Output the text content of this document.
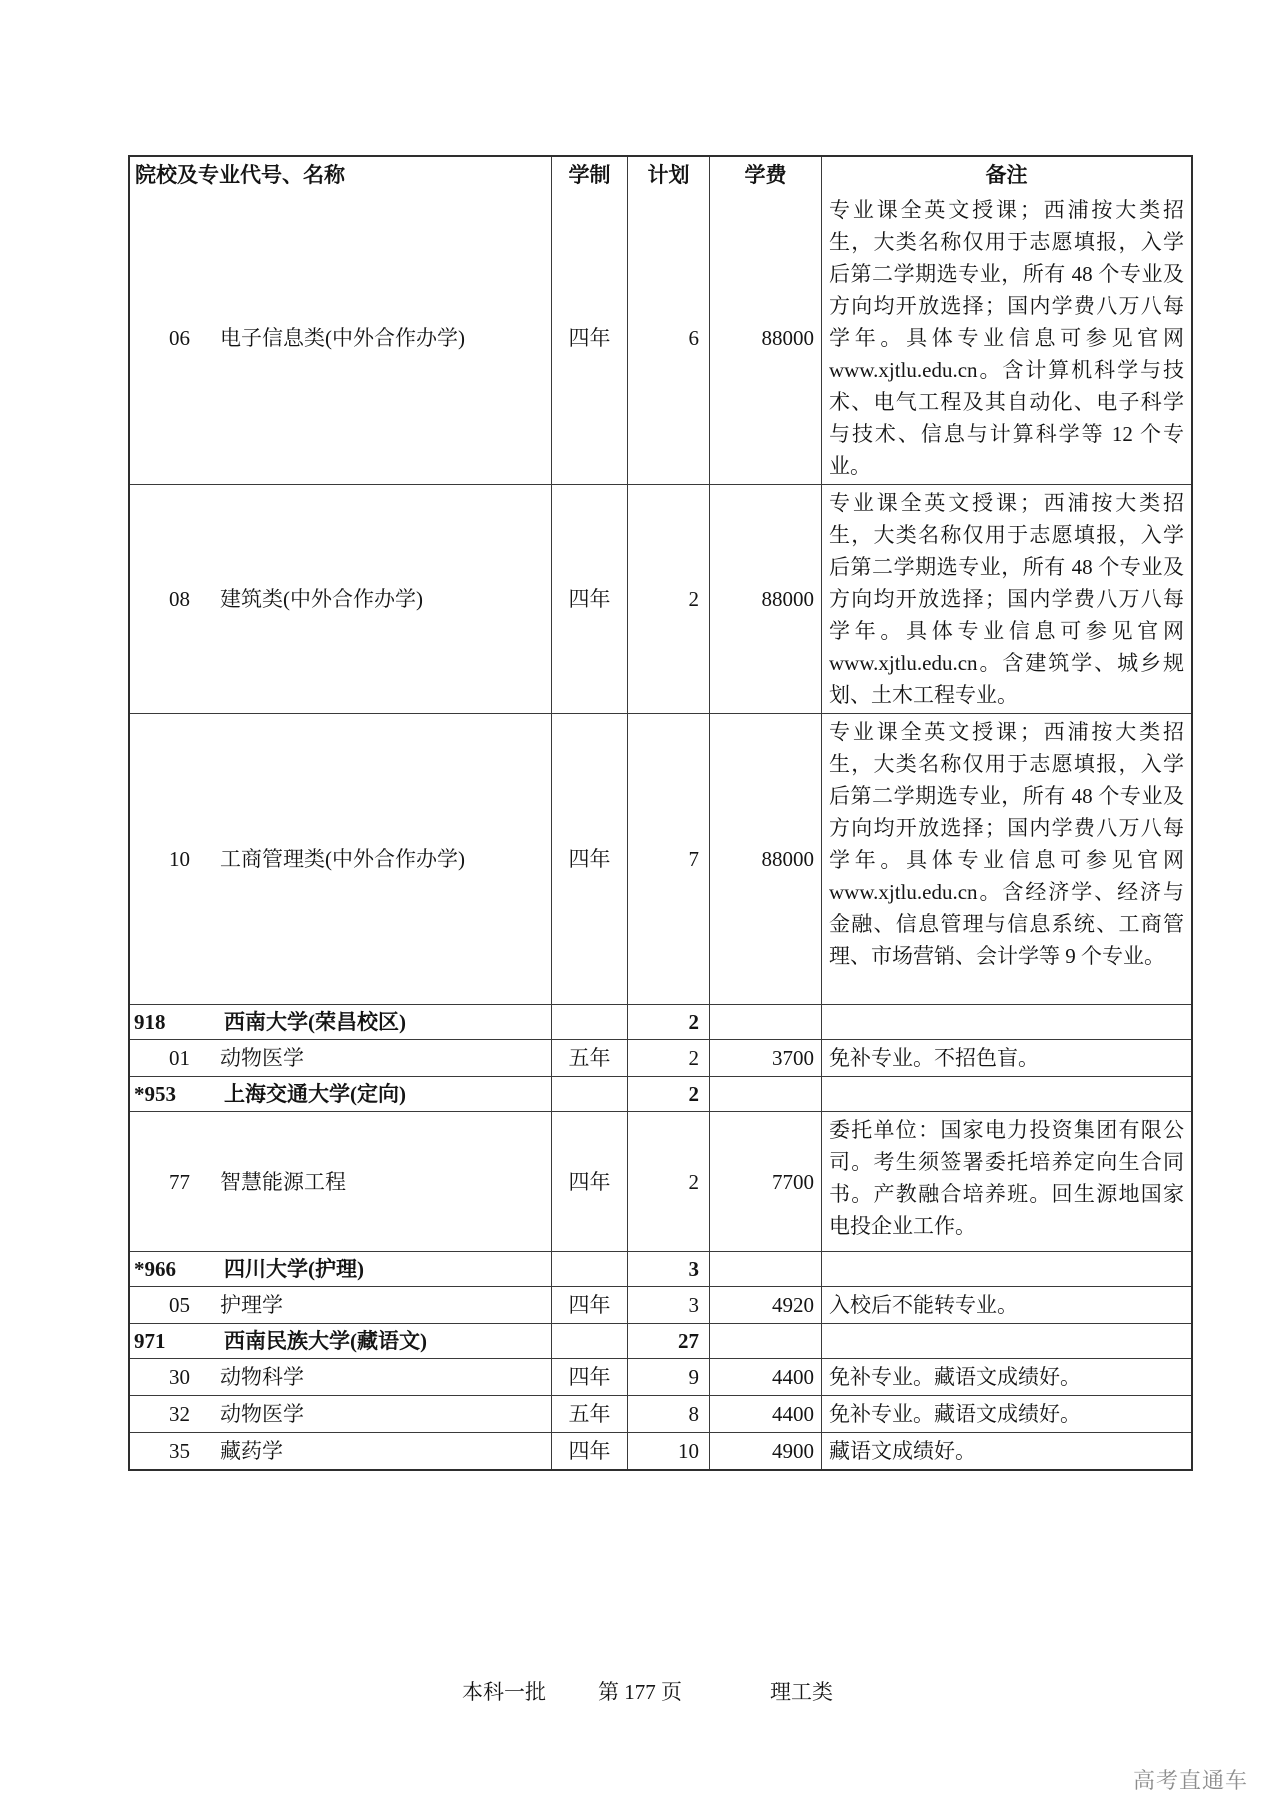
院校及专业代号、名称	学制	计划	学费	备注
06 电子信息类(中外合作办学)	四年	6	88000
专业课全英文授课；西浦按大类招生，大类名称仅用于志愿填报，入学后第二学期选专业，所有 48 个专业及方向均开放选择；国内学费八万八每学年。具体专业信息可参见官网www.xjtlu.edu.cn。含计算机科学与技术、电气工程及其自动化、电子科学与技术、信息与计算科学等 12 个专业。
08 建筑类(中外合作办学)	四年	2	88000
专业课全英文授课；西浦按大类招生，大类名称仅用于志愿填报，入学后第二学期选专业，所有 48 个专业及方向均开放选择；国内学费八万八每学年。具体专业信息可参见官网www.xjtlu.edu.cn。含建筑学、城乡规划、土木工程专业。
10 工商管理类(中外合作办学)	四年	7	88000
专业课全英文授课；西浦按大类招生，大类名称仅用于志愿填报，入学后第二学期选专业，所有 48 个专业及方向均开放选择；国内学费八万八每学年。具体专业信息可参见官网www.xjtlu.edu.cn。含经济学、经济与金融、信息管理与信息系统、工商管理、市场营销、会计学等 9 个专业。
918	西南大学(荣昌校区)	2
01 动物医学	五年	2	3700 免补专业。不招色盲。
*953	上海交通大学(定向)	2
77 智慧能源工程	四年	2	7700
委托单位：国家电力投资集团有限公司。考生须签署委托培养定向生合同书。产教融合培养班。回生源地国家电投企业工作。
*966	四川大学(护理)	3
05 护理学	四年	3	4920 入校后不能转专业。
971	西南民族大学(藏语文)	27
30 动物科学	四年	9	4400 免补专业。藏语文成绩好。
32 动物医学	五年	8	4400 免补专业。藏语文成绩好。
35 藏药学	四年	10	4900 藏语文成绩好。
本科一批 第 177 页	理工类
高考直通车
